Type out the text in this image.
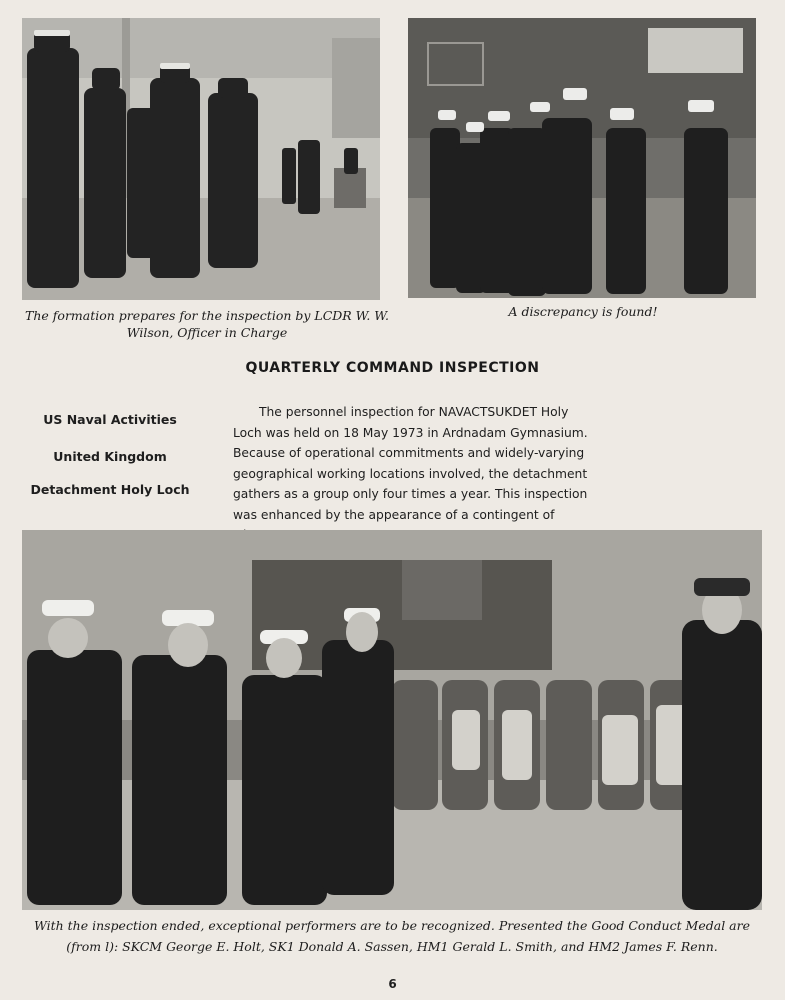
The formation prepares for the inspection by LCDR W. W. Wilson, Officer in Charge
A discrepancy is found!
QUARTERLY COMMAND INSPECTION
US Naval Activities
United Kingdom
Detachment Holy Loch
The personnel inspection for NAVACTSUKDET Holy Loch was held on 18 May 1973 in Ardnadam Gymnasium. Because of operational commitments and widely-varying geographical working locations involved, the detachment gathers as a group only four times a year. This inspection was enhanced by the appearance of a contingent of
With the inspection ended, exceptional performers are to be recognized. Presented the Good Conduct Medal are (from l): SKCM George E. Holt, SK1 Donald A. Sassen, HM1 Gerald L. Smith, and HM2 James F. Renn.
6
